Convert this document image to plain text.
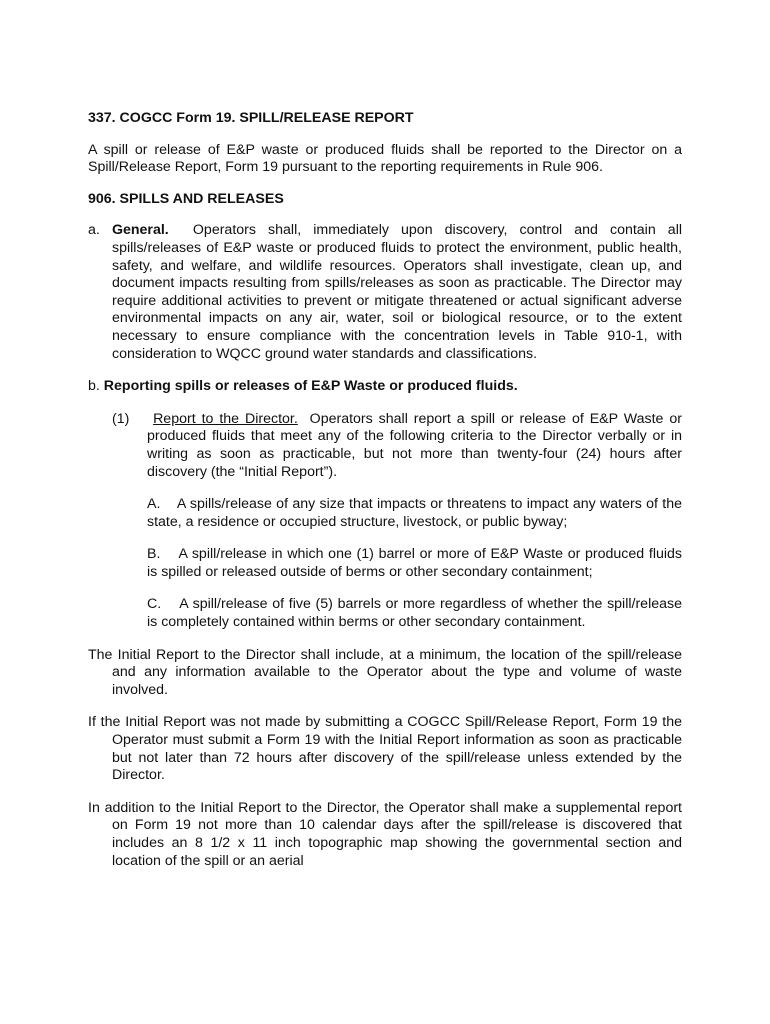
337. COGCC Form 19. SPILL/RELEASE REPORT

A spill or release of E&P waste or produced fluids shall be reported to the Director on a Spill/Release Report, Form 19 pursuant to the reporting requirements in Rule 906.

906. SPILLS AND RELEASES

a. General. Operators shall, immediately upon discovery, control and contain all spills/releases of E&P waste or produced fluids to protect the environment, public health, safety, and welfare, and wildlife resources. Operators shall investigate, clean up, and document impacts resulting from spills/releases as soon as practicable. The Director may require additional activities to prevent or mitigate threatened or actual significant adverse environmental impacts on any air, water, soil or biological resource, or to the extent necessary to ensure compliance with the concentration levels in Table 910-1, with consideration to WQCC ground water standards and classifications.

b. Reporting spills or releases of E&P Waste or produced fluids.

(1) Report to the Director. Operators shall report a spill or release of E&P Waste or produced fluids that meet any of the following criteria to the Director verbally or in writing as soon as practicable, but not more than twenty-four (24) hours after discovery (the “Initial Report”).

A. A spills/release of any size that impacts or threatens to impact any waters of the state, a residence or occupied structure, livestock, or public byway;

B. A spill/release in which one (1) barrel or more of E&P Waste or produced fluids is spilled or released outside of berms or other secondary containment;

C. A spill/release of five (5) barrels or more regardless of whether the spill/release is completely contained within berms or other secondary containment.

The Initial Report to the Director shall include, at a minimum, the location of the spill/release and any information available to the Operator about the type and volume of waste involved.

If the Initial Report was not made by submitting a COGCC Spill/Release Report, Form 19 the Operator must submit a Form 19 with the Initial Report information as soon as practicable but not later than 72 hours after discovery of the spill/release unless extended by the Director.

In addition to the Initial Report to the Director, the Operator shall make a supplemental report on Form 19 not more than 10 calendar days after the spill/release is discovered that includes an 8 1/2 x 11 inch topographic map showing the governmental section and location of the spill or an aerial
